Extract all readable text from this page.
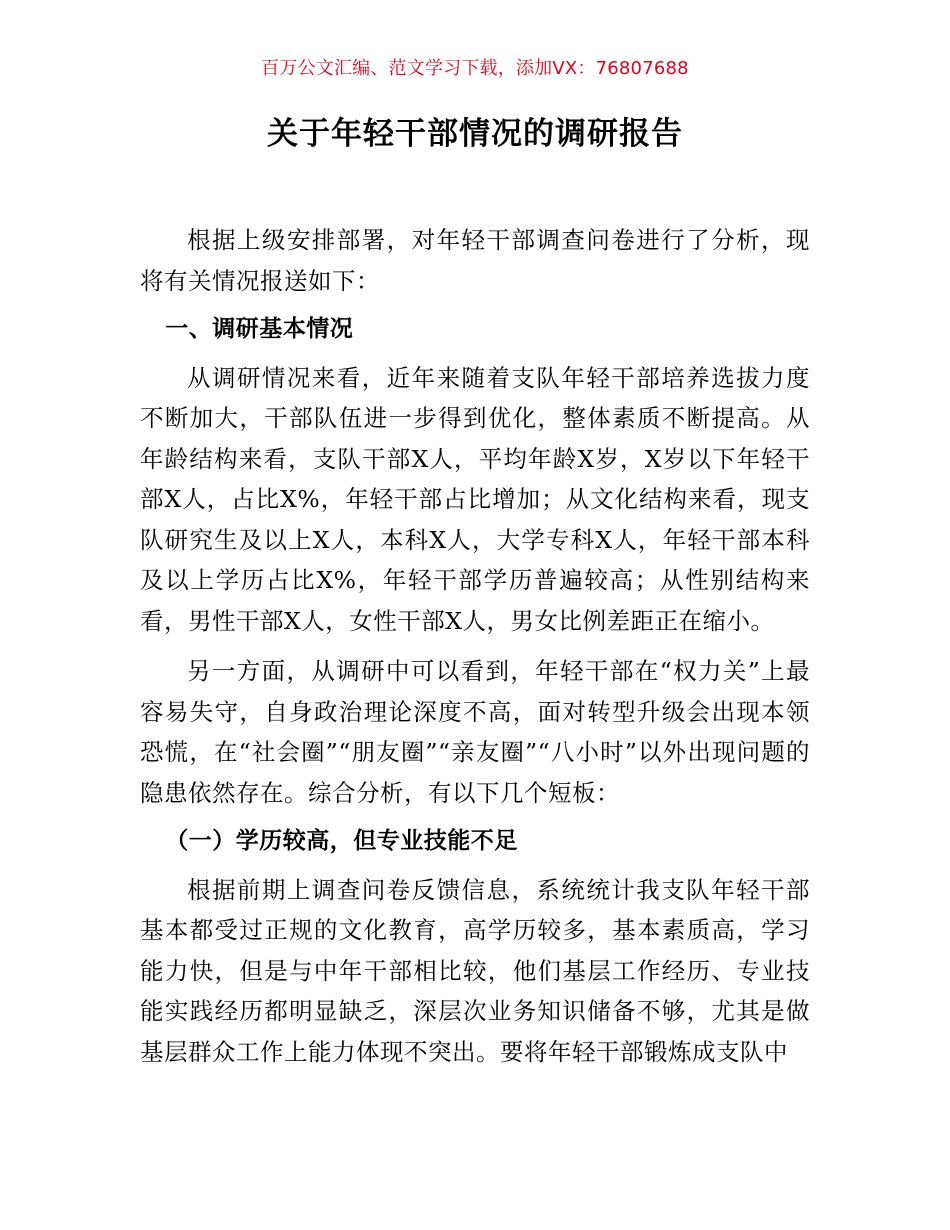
百万公文汇编、范文学习下载，添加VX：76807688
关于年轻干部情况的调研报告

根据上级安排部署，对年轻干部调查问卷进行了分析，现将有关情况报送如下：

一、调研基本情况

从调研情况来看，近年来随着支队年轻干部培养选拔力度不断加大，干部队伍进一步得到优化，整体素质不断提高。从年龄结构来看，支队干部X人，平均年龄X岁，X岁以下年轻干部X人，占比X%，年轻干部占比增加；从文化结构来看，现支队研究生及以上X人，本科X人，大学专科X人，年轻干部本科及以上学历占比X%，年轻干部学历普遍较高；从性别结构来看，男性干部X人，女性干部X人，男女比例差距正在缩小。

另一方面，从调研中可以看到，年轻干部在“权力关”上最容易失守，自身政治理论深度不高，面对转型升级会出现本领恐慌，在“社会圈”“朋友圈”“亲友圈”“八小时”以外出现问题的隐患依然存在。综合分析，有以下几个短板：

（一）学历较高，但专业技能不足

根据前期上调查问卷反馈信息，系统统计我支队年轻干部基本都受过正规的文化教育，高学历较多，基本素质高，学习能力快，但是与中年干部相比较，他们基层工作经历、专业技能实践经历都明显缺乏，深层次业务知识储备不够，尤其是做基层群众工作上能力体现不突出。要将年轻干部锻炼成支队中
